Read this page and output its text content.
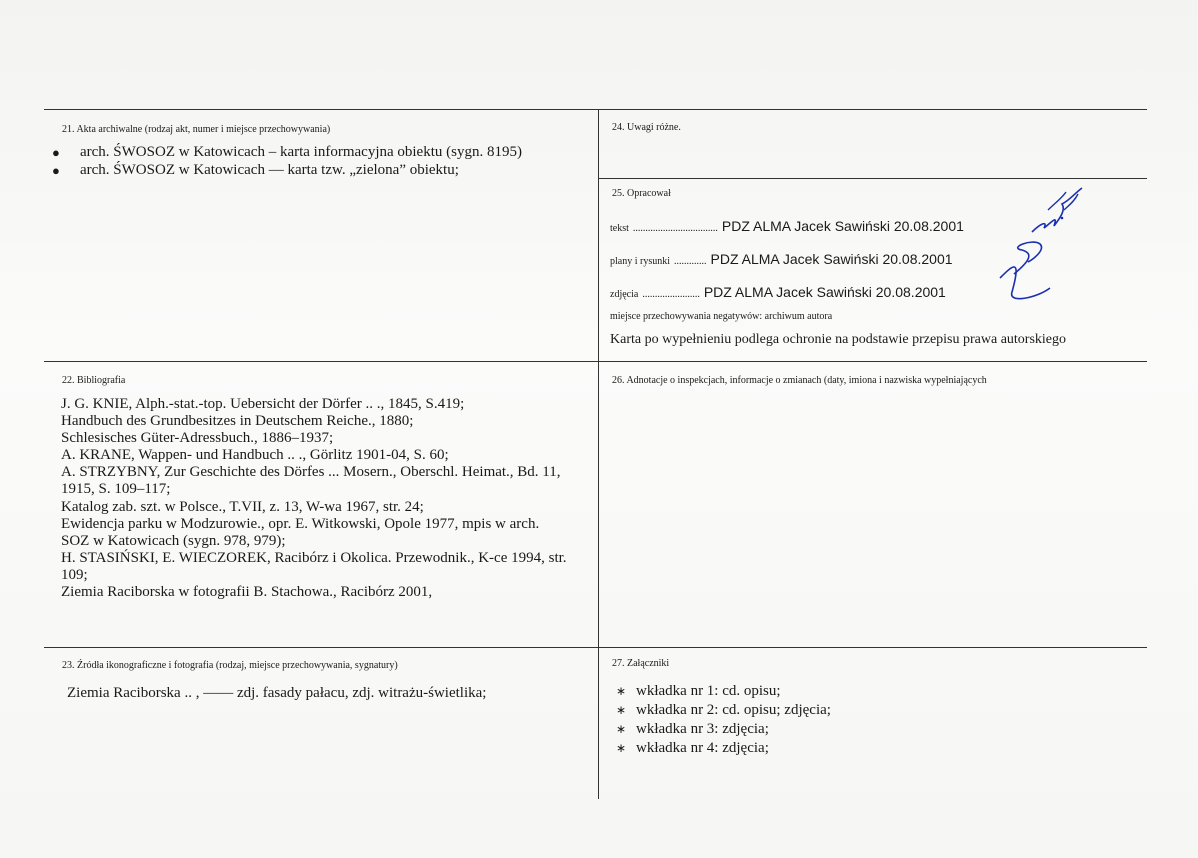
21. Akta archiwalne (rodzaj akt, numer i miejsce przechowywania)
● arch. ŚWOSOZ w Katowicach – karta informacyjna obiektu (sygn. 8195)
● arch. ŚWOSOZ w Katowicach — karta tzw. „zielona” obiektu;
24. Uwagi różne.
25. Opracował
tekst .................................. PDZ ALMA Jacek Sawiński 20.08.2001
plany i rysunki ............. PDZ ALMA Jacek Sawiński 20.08.2001
zdjęcia ....................... PDZ ALMA Jacek Sawiński 20.08.2001
miejsce przechowywania negatywów: archiwum autora
Karta po wypełnieniu podlega ochronie na podstawie przepisu prawa autorskiego
22. Bibliografia
J. G. KNIE, Alph.-stat.-top. Uebersicht der Dörfer .. ., 1845, S.419;
Handbuch des Grundbesitzes in Deutschem Reiche., 1880;
Schlesisches Güter-Adressbuch., 1886–1937;
A. KRANE, Wappen- und Handbuch .. ., Görlitz 1901-04, S. 60;
A. STRZYBNY, Zur Geschichte des Dörfes ... Mosern., Oberschl. Heimat., Bd. 11,
1915, S. 109–117;
Katalog zab. szt. w Polsce., T.VII, z. 13, W-wa 1967, str. 24;
Ewidencja parku w Modzurowie., opr. E. Witkowski, Opole 1977, mpis w arch.
SOZ w Katowicach (sygn. 978, 979);
H. STASIŃSKI, E. WIECZOREK, Racibórz i Okolica. Przewodnik., K-ce 1994, str.
109;
Ziemia Raciborska w fotografii B. Stachowa., Racibórz 2001,
26. Adnotacje o inspekcjach, informacje o zmianach (daty, imiona i nazwiska wypełniających
23. Źródła ikonograficzne i fotografia (rodzaj, miejsce przechowywania, sygnatury)
Ziemia Raciborska .. , —— zdj. fasady pałacu, zdj. witrażu‑świetlika;
27. Załączniki
∗ wkładka nr 1: cd. opisu;
∗ wkładka nr 2: cd. opisu; zdjęcia;
∗ wkładka nr 3: zdjęcia;
∗ wkładka nr 4: zdjęcia;
